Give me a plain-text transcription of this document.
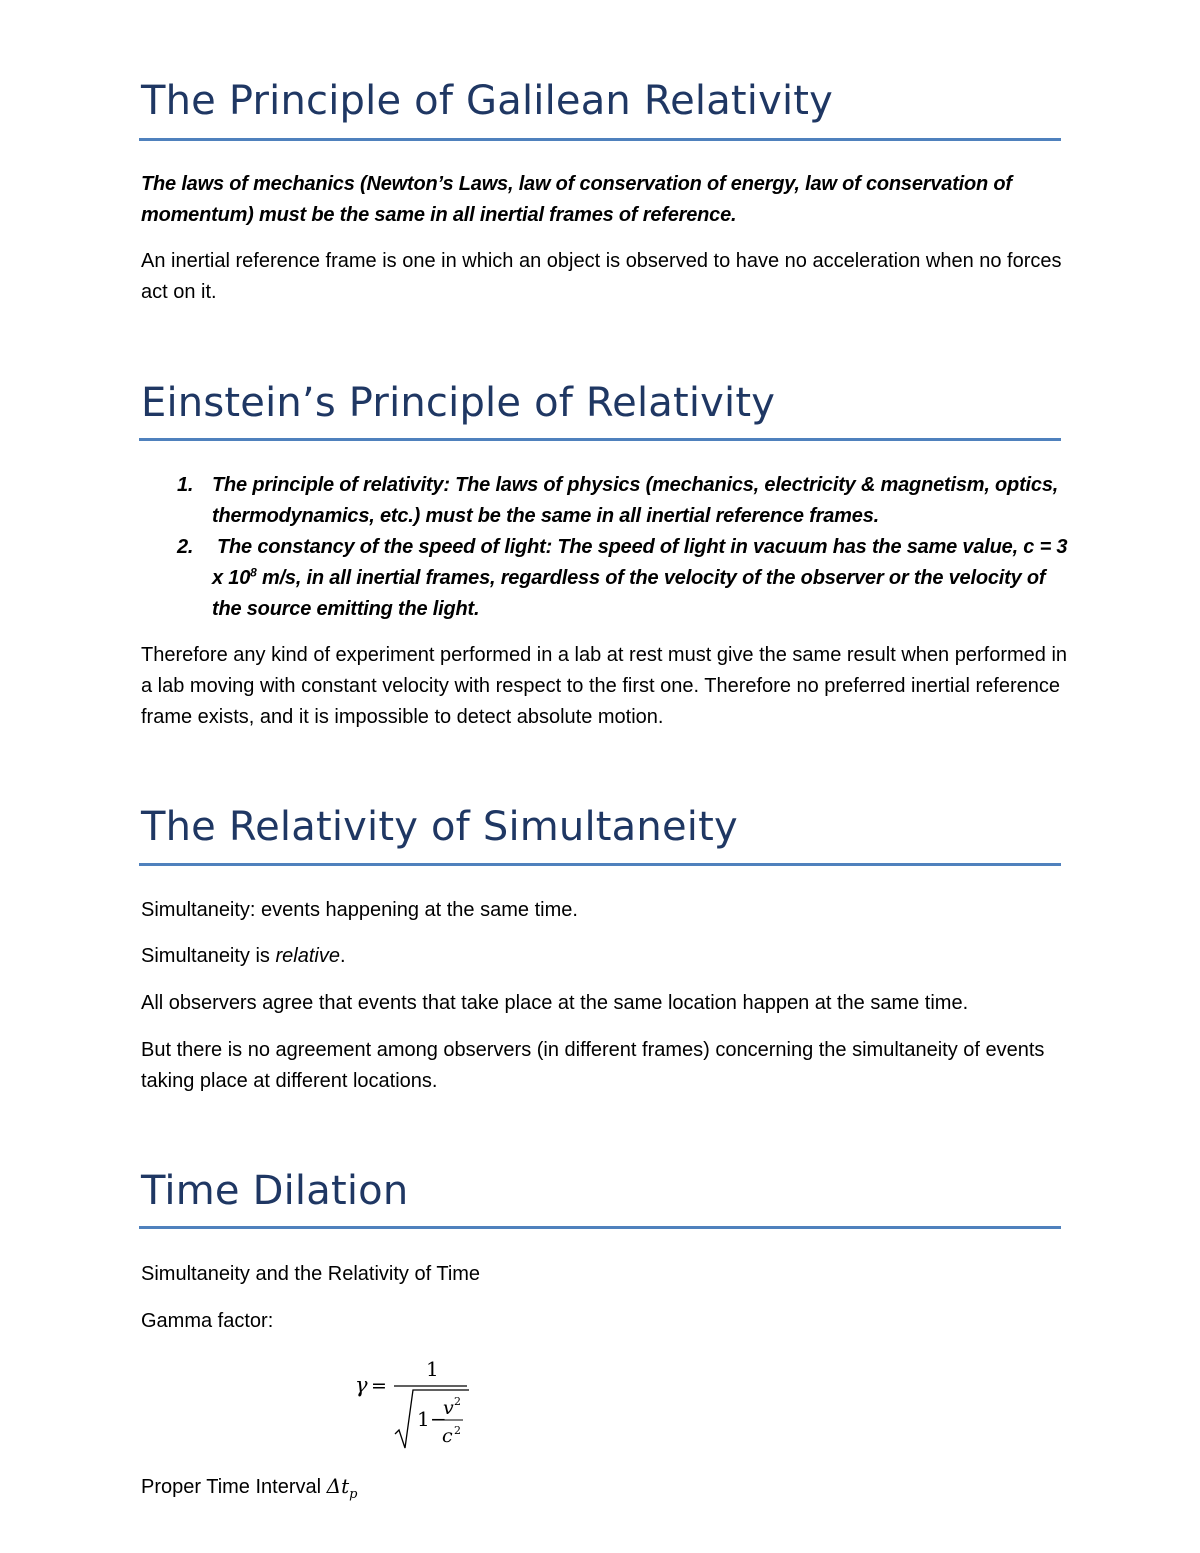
The Principle of Galilean Relativity

The laws of mechanics (Newton’s Laws, law of conservation of energy, law of conservation of momentum) must be the same in all inertial frames of reference.

An inertial reference frame is one in which an object is observed to have no acceleration when no forces act on it.

Einstein’s Principle of Relativity
1. The principle of relativity: The laws of physics (mechanics, electricity & magnetism, optics, thermodynamics, etc.) must be the same in all inertial reference frames.
2. The constancy of the speed of light: The speed of light in vacuum has the same value, c = 3 x $10^8$ m/s, in all inertial frames, regardless of the velocity of the observer or the velocity of the source emitting the light.

Therefore any kind of experiment performed in a lab at rest must give the same result when performed in a lab moving with constant velocity with respect to the first one. Therefore no preferred inertial reference frame exists, and it is impossible to detect absolute motion.

The Relativity of Simultaneity

Simultaneity: events happening at the same time.

Simultaneity is relative.

All observers agree that events that take place at the same location happen at the same time.

But there is no agreement among observers (in different frames) concerning the simultaneity of events taking place at different locations.

Time Dilation

Simultaneity and the Relativity of Time

Gamma factor:

γ =
1
1 −
v 2
c 2

Proper Time Interval $\Delta t_p$
